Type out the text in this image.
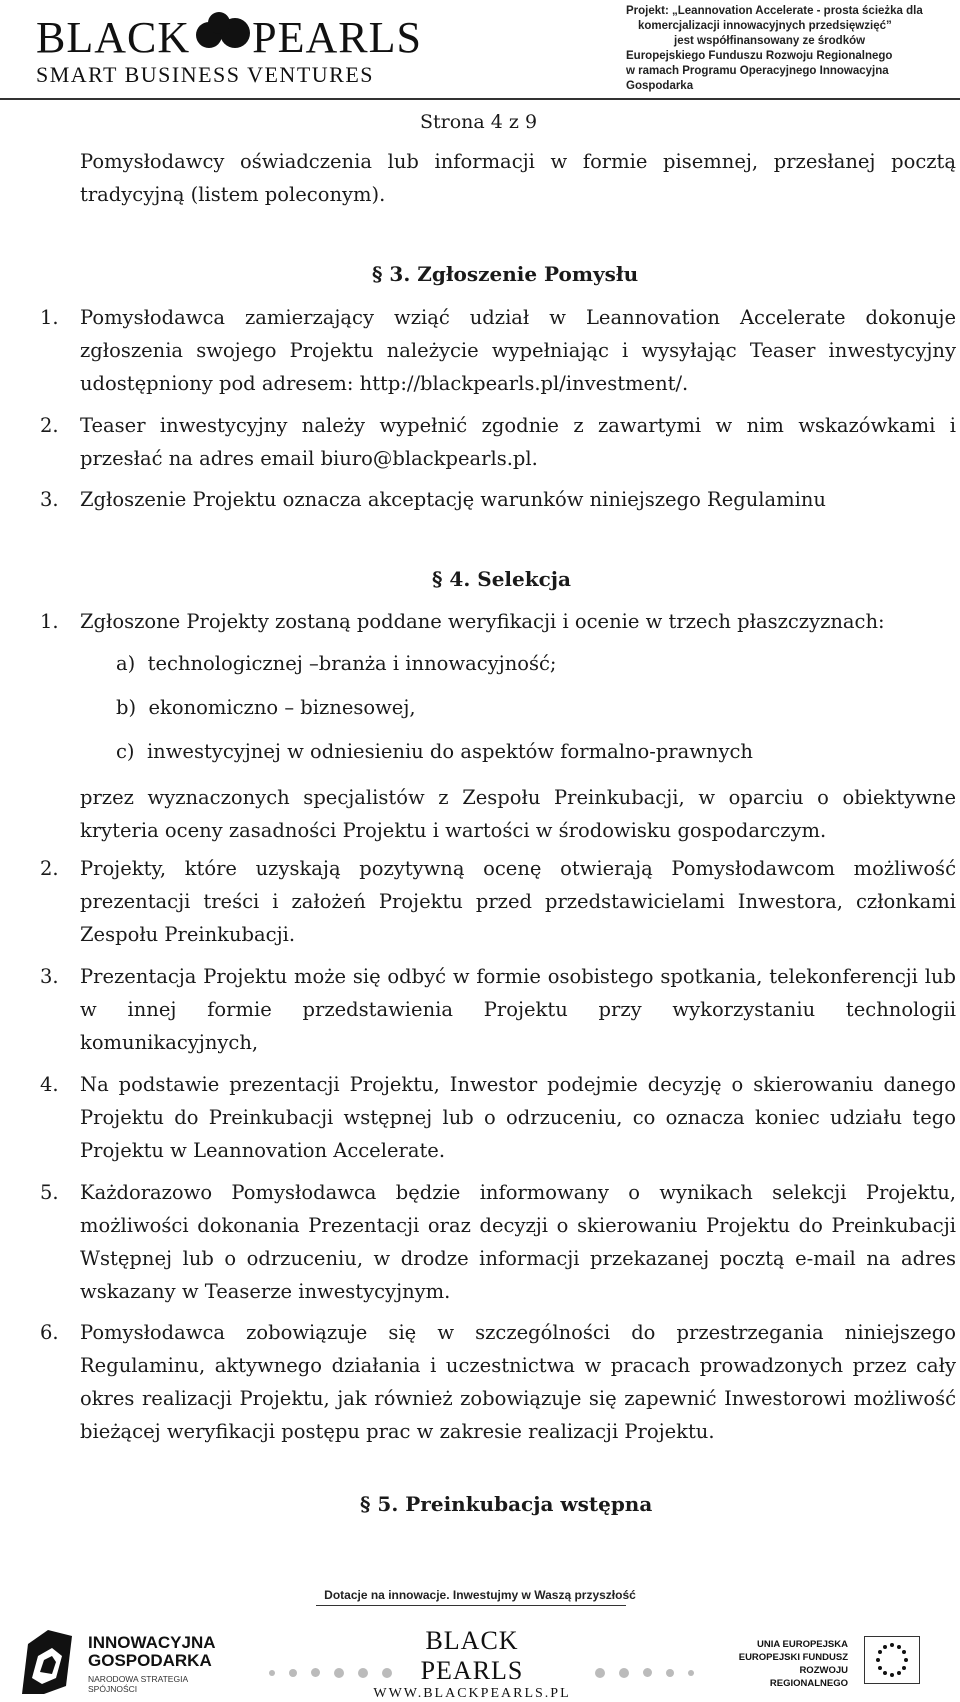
BLACK PEARLS
SMART BUSINESS VENTURES
Projekt: „Leannovation Accelerate - prosta ścieżka dla
komercjalizacji innowacyjnych przedsięwzięć”
jest współfinansowany ze środków
Europejskiego Funduszu Rozwoju Regionalnego
w ramach Programu Operacyjnego Innowacyjna Gospodarka
Strona 4 z 9
Pomysłodawcy oświadczenia lub informacji w formie pisemnej, przesłanej pocztą tradycyjną (listem poleconym).
§ 3. Zgłoszenie Pomysłu
1. Pomysłodawca zamierzający wziąć udział w Leannovation Accelerate dokonuje zgłoszenia swojego Projektu należycie wypełniając i wysyłając Teaser inwestycyjny udostępniony pod adresem: http://blackpearls.pl/investment/.
2. Teaser inwestycyjny należy wypełnić zgodnie z zawartymi w nim wskazówkami i przesłać na adres email biuro@blackpearls.pl.
3. Zgłoszenie Projektu oznacza akceptację warunków niniejszego Regulaminu
§ 4. Selekcja
1. Zgłoszone Projekty zostaną poddane weryfikacji i ocenie w trzech płaszczyznach:
a) technologicznej –branża i innowacyjność;
b) ekonomiczno – biznesowej,
c) inwestycyjnej w odniesieniu do aspektów formalno-prawnych
przez wyznaczonych specjalistów z Zespołu Preinkubacji, w oparciu o obiektywne kryteria oceny zasadności Projektu i wartości w środowisku gospodarczym.
2. Projekty, które uzyskają pozytywną ocenę otwierają Pomysłodawcom możliwość prezentacji treści i założeń Projektu przed przedstawicielami Inwestora, członkami Zespołu Preinkubacji.
3. Prezentacja Projektu może się odbyć w formie osobistego spotkania, telekonferencji lub w innej formie przedstawienia Projektu przy wykorzystaniu technologii komunikacyjnych,
4. Na podstawie prezentacji Projektu, Inwestor podejmie decyzję o skierowaniu danego Projektu do Preinkubacji wstępnej lub o odrzuceniu, co oznacza koniec udziału tego Projektu w Leannovation Accelerate.
5. Każdorazowo Pomysłodawca będzie informowany o wynikach selekcji Projektu, możliwości dokonania Prezentacji oraz decyzji o skierowaniu Projektu do Preinkubacji Wstępnej lub o odrzuceniu, w drodze informacji przekazanej pocztą e-mail na adres wskazany w Teaserze inwestycyjnym.
6. Pomysłodawca zobowiązuje się w szczególności do przestrzegania niniejszego Regulaminu, aktywnego działania i uczestnictwa w pracach prowadzonych przez cały okres realizacji Projektu, jak również zobowiązuje się zapewnić Inwestorowi możliwość bieżącej weryfikacji postępu prac w zakresie realizacji Projektu.
§ 5. Preinkubacja wstępna
Dotacje na innowacje. Inwestujmy w Waszą przyszłość
INNOWACYJNA
GOSPODARKA
NARODOWA STRATEGIA SPÓJNOŚCI
BLACK PEARLS
WWW.BLACKPEARLS.PL
UNIA EUROPEJSKA
EUROPEJSKI FUNDUSZ
ROZWOJU REGIONALNEGO
